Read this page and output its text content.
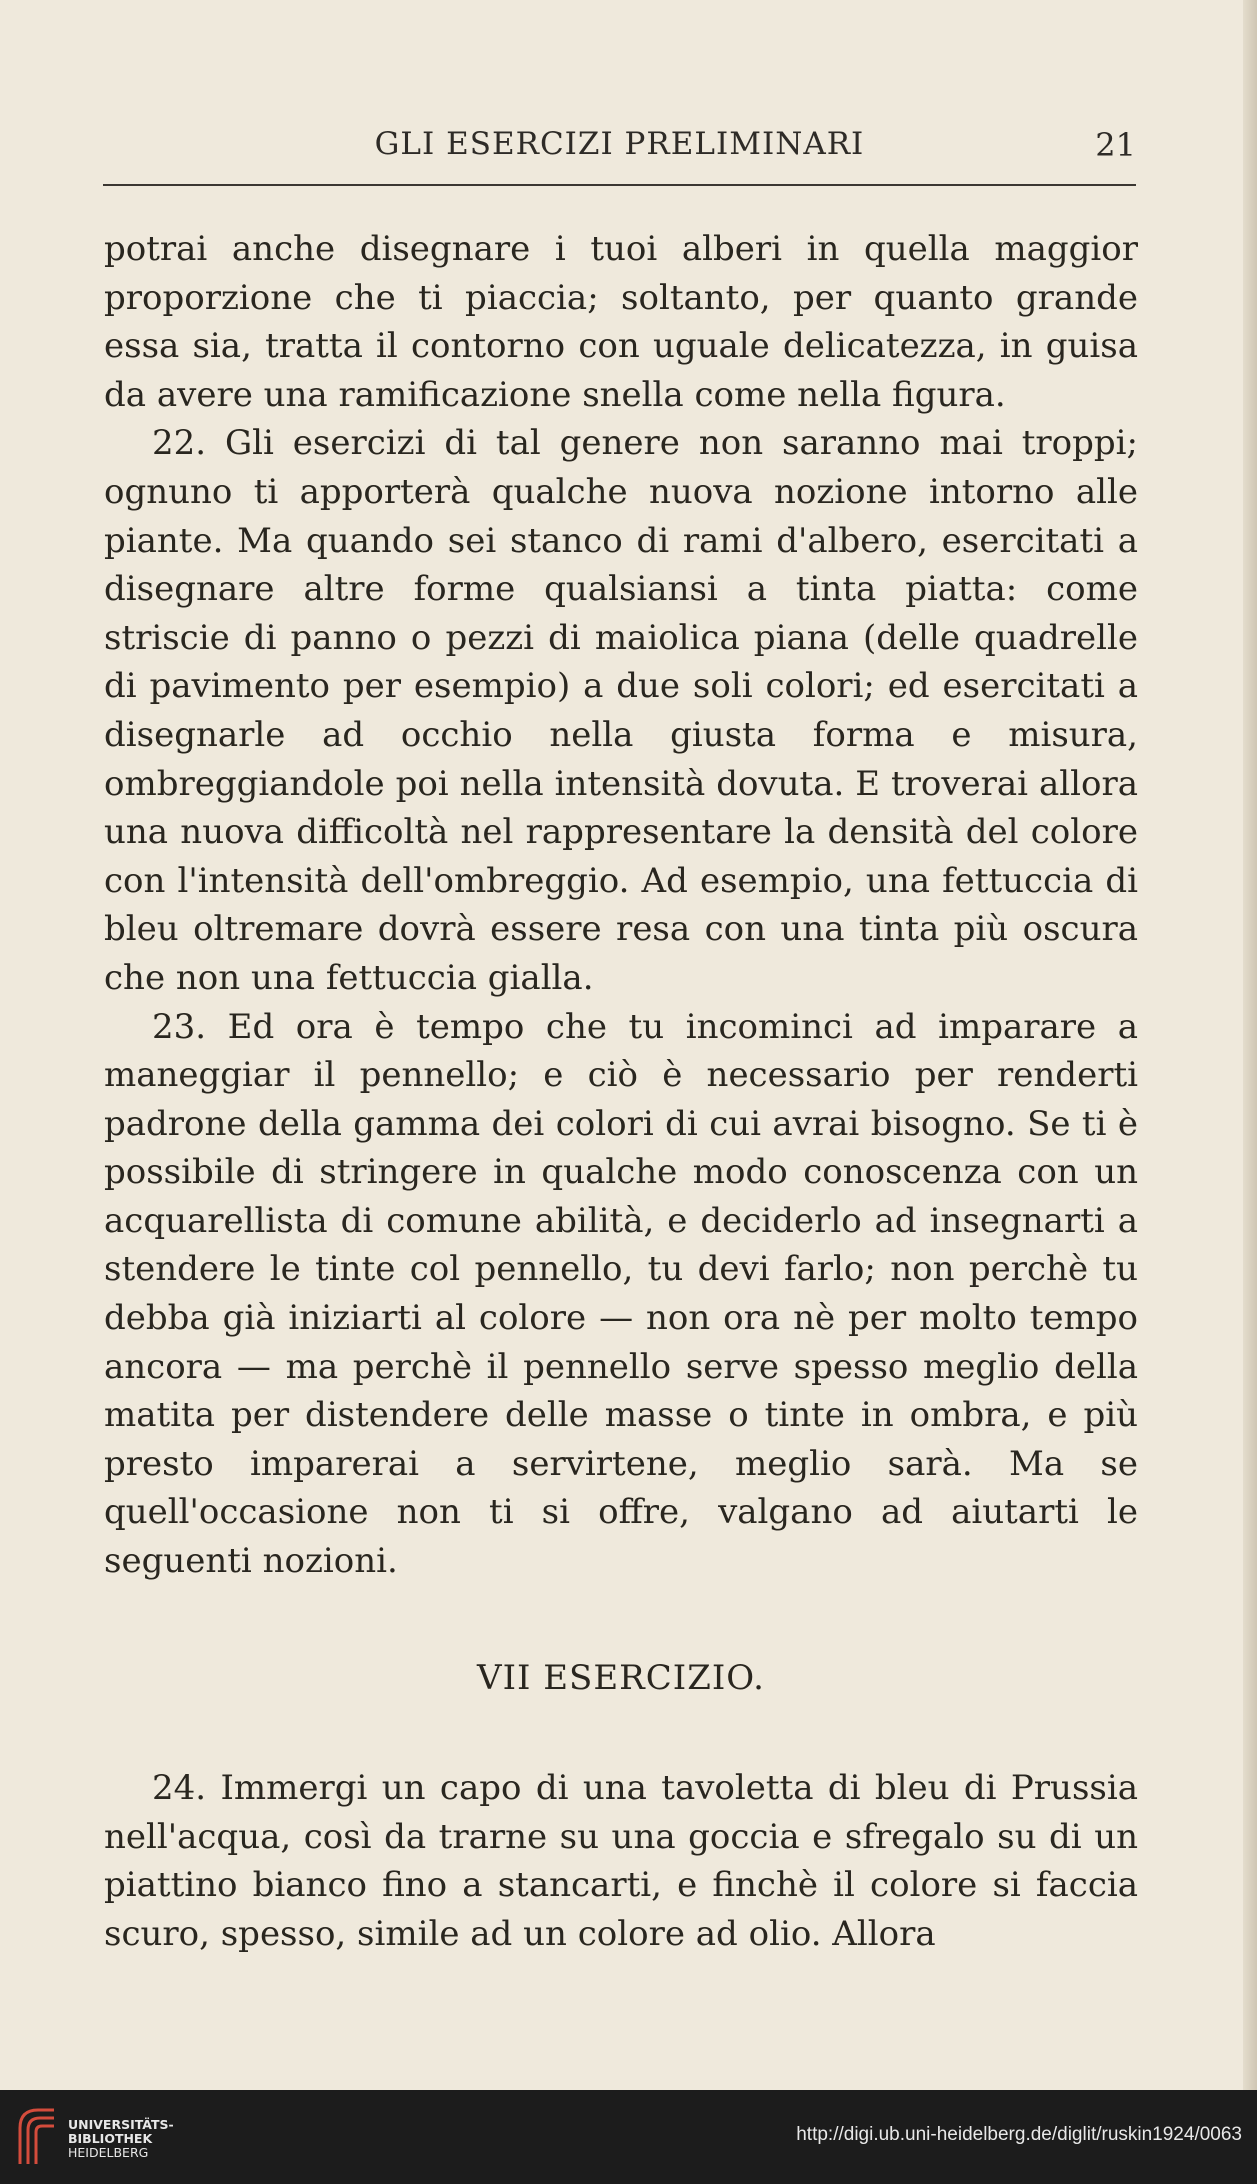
GLI ESERCIZI PRELIMINARI	21

potrai anche disegnare i tuoi alberi in quella maggior proporzione che ti piaccia; soltanto, per quanto grande essa sia, tratta il contorno con uguale delicatezza, in guisa da avere una ramificazione snella come nella figura.

22. Gli esercizi di tal genere non saranno mai troppi; ognuno ti apporterà qualche nuova nozione intorno alle piante. Ma quando sei stanco di rami d'albero, esercitati a disegnare altre forme qualsiansi a tinta piatta: come striscie di panno o pezzi di maiolica piana (delle quadrelle di pavimento per esempio) a due soli colori; ed esercitati a disegnarle ad occhio nella giusta forma e misura, ombreggiandole poi nella intensità dovuta. E troverai allora una nuova difficoltà nel rappresentare la densità del colore con l'intensità dell'ombreggio. Ad esempio, una fettuccia di bleu oltremare dovrà essere resa con una tinta più oscura che non una fettuccia gialla.

23. Ed ora è tempo che tu incominci ad imparare a maneggiar il pennello; e ciò è necessario per renderti padrone della gamma dei colori di cui avrai bisogno. Se ti è possibile di stringere in qualche modo conoscenza con un acquarellista di comune abilità, e deciderlo ad insegnarti a stendere le tinte col pennello, tu devi farlo; non perchè tu debba già iniziarti al colore — non ora nè per molto tempo ancora — ma perchè il pennello serve spesso meglio della matita per distendere delle masse o tinte in ombra, e più presto imparerai a servirtene, meglio sarà. Ma se quell'occasione non ti si offre, valgano ad aiutarti le seguenti nozioni.

VII ESERCIZIO.

24. Immergi un capo di una tavoletta di bleu di Prussia nell'acqua, così da trarne su una goccia e sfregalo su di un piattino bianco fino a stancarti, e finchè il colore si faccia scuro, spesso, simile ad un colore ad olio. Allora

UNIVERSITÄTS-
BIBLIOTHEK
HEIDELBERG
http://digi.ub.uni-heidelberg.de/diglit/ruskin1924/0063
